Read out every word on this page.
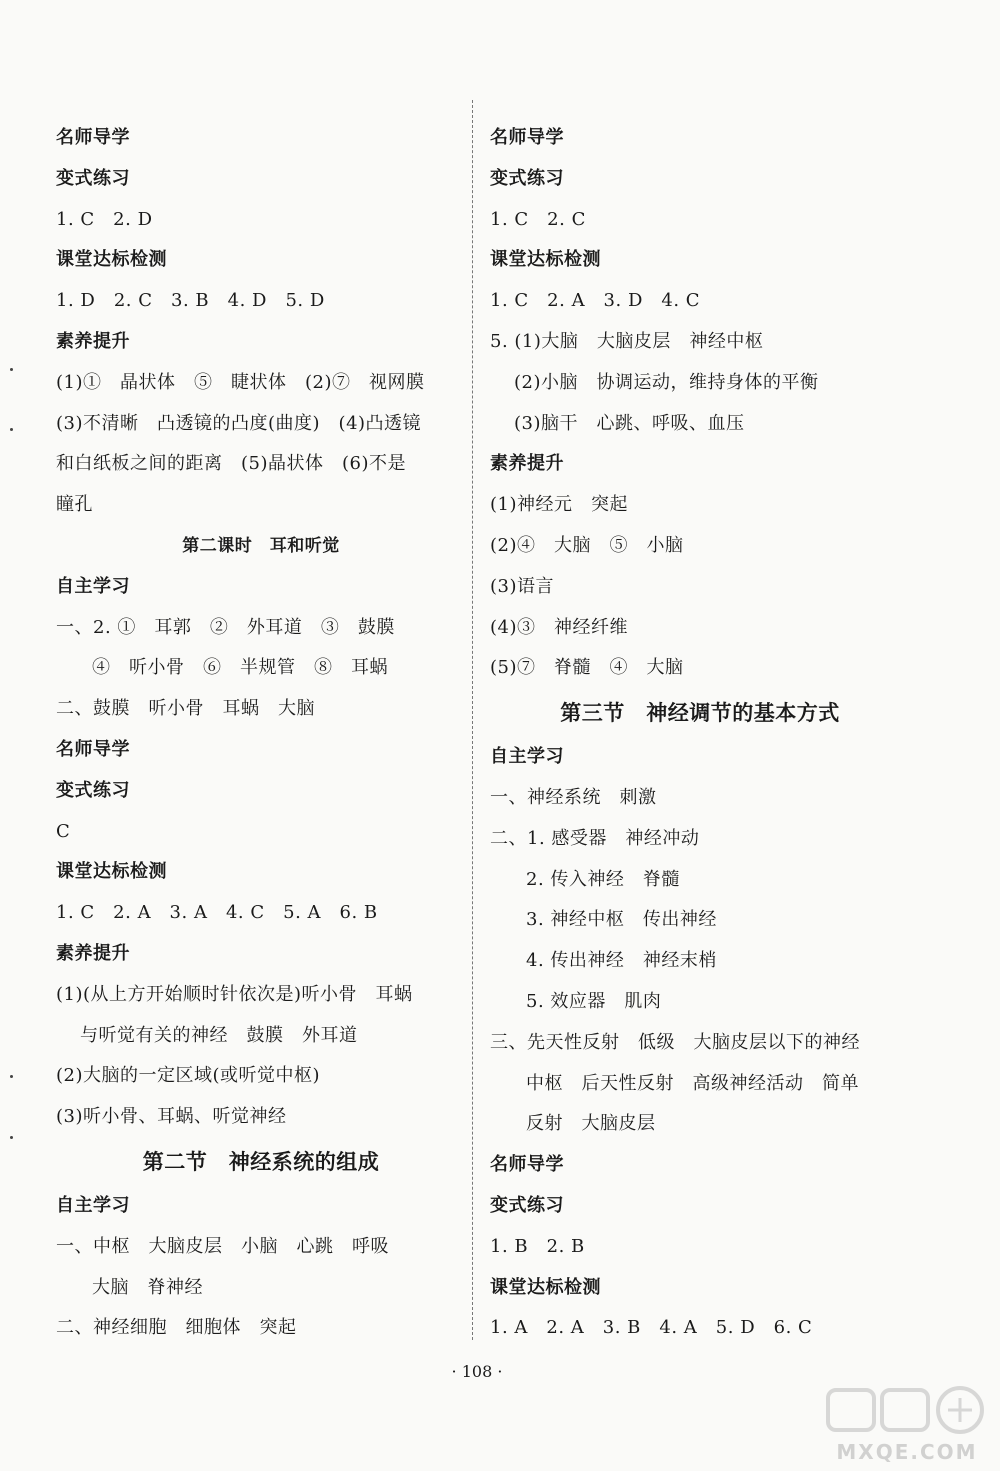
名师导学
变式练习
1. C　2. D
课堂达标检测
1. D　2. C　3. B　4. D　5. D
素养提升
(1)①　晶状体　⑤　睫状体　(2)⑦　视网膜
(3)不清晰　凸透镜的凸度(曲度)　(4)凸透镜
和白纸板之间的距离　(5)晶状体　(6)不是
瞳孔
第二课时　耳和听觉
自主学习
一、2. ①　耳郭　②　外耳道　③　鼓膜
④　听小骨　⑥　半规管　⑧　耳蜗
二、鼓膜　听小骨　耳蜗　大脑
名师导学
变式练习
C
课堂达标检测
1. C　2. A　3. A　4. C　5. A　6. B
素养提升
(1)(从上方开始顺时针依次是)听小骨　耳蜗
与听觉有关的神经　鼓膜　外耳道
(2)大脑的一定区域(或听觉中枢)
(3)听小骨、耳蜗、听觉神经
第二节　神经系统的组成
自主学习
一、中枢　大脑皮层　小脑　心跳　呼吸
大脑　脊神经
二、神经细胞　细胞体　突起
名师导学
变式练习
1. C　2. C
课堂达标检测
1. C　2. A　3. D　4. C
5. (1)大脑　大脑皮层　神经中枢
(2)小脑　协调运动，维持身体的平衡
(3)脑干　心跳、呼吸、血压
素养提升
(1)神经元　突起
(2)④　大脑　⑤　小脑
(3)语言
(4)③　神经纤维
(5)⑦　脊髓　④　大脑
第三节　神经调节的基本方式
自主学习
一、神经系统　刺激
二、1. 感受器　神经冲动
2. 传入神经　脊髓
3. 神经中枢　传出神经
4. 传出神经　神经末梢
5. 效应器　肌肉
三、先天性反射　低级　大脑皮层以下的神经
中枢　后天性反射　高级神经活动　简单
反射　大脑皮层
名师导学
变式练习
1. B　2. B
课堂达标检测
1. A　2. A　3. B　4. A　5. D　6. C
· 108 ·
MXQE.COM
